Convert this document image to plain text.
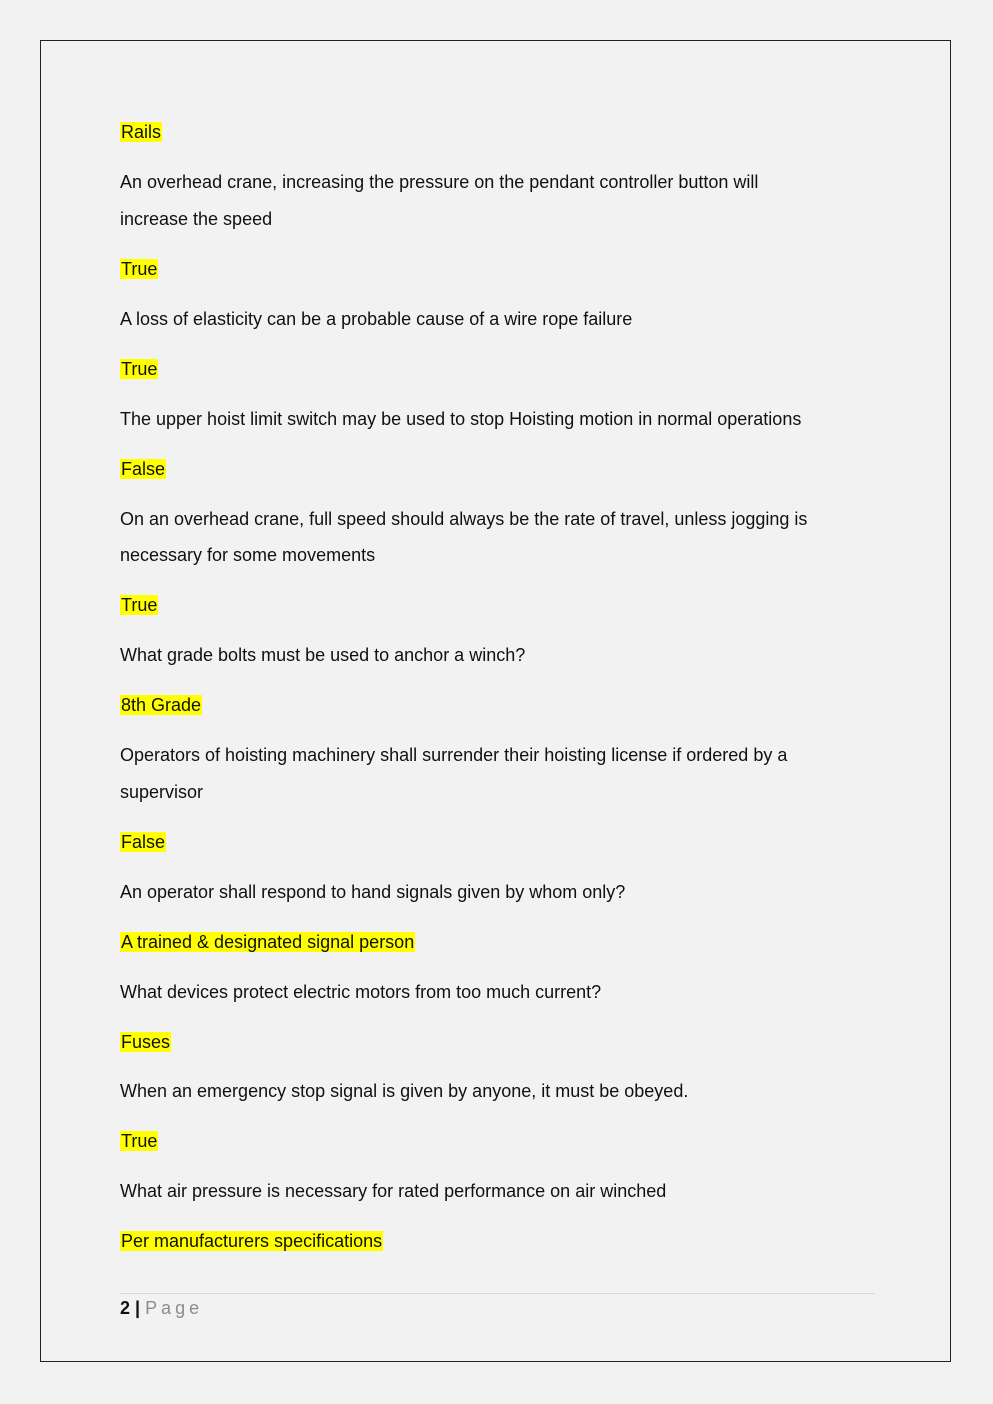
Rails
An overhead crane, increasing the pressure on the pendant controller button will
increase the speed
True
A loss of elasticity can be a probable cause of a wire rope failure
True
The upper hoist limit switch may be used to stop Hoisting motion in normal operations
False
On an overhead crane, full speed should always be the rate of travel, unless jogging is
necessary for some movements
True
What grade bolts must be used to anchor a winch?
8th Grade
Operators of hoisting machinery shall surrender their hoisting license if ordered by a
supervisor
False
An operator shall respond to hand signals given by whom only?
A trained & designated signal person
What devices protect electric motors from too much current?
Fuses
When an emergency stop signal is given by anyone, it must be obeyed.
True
What air pressure is necessary for rated performance on air winched
Per manufacturers specifications
2 | Page
